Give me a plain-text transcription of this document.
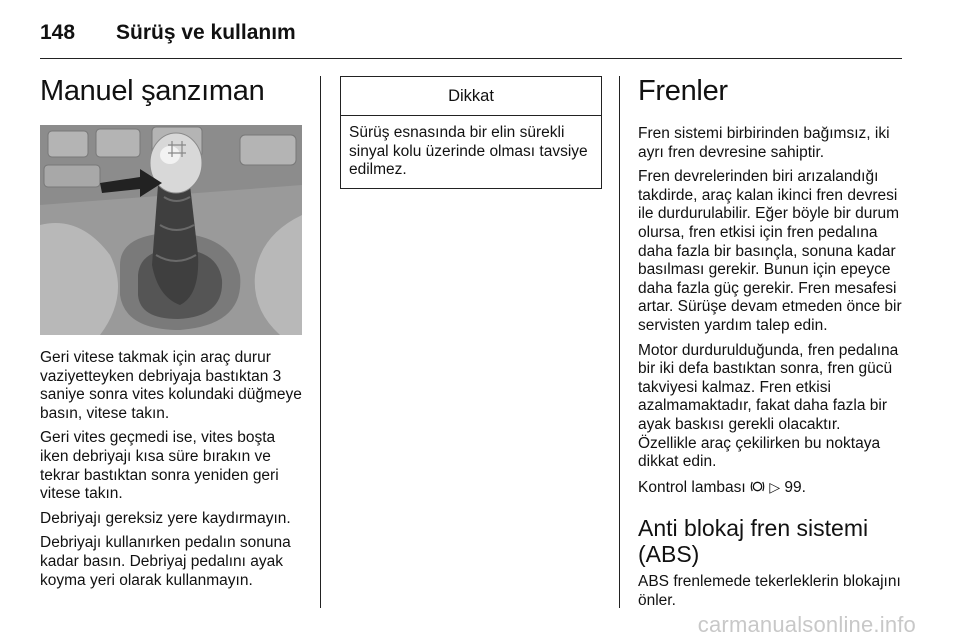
148 Sürüş ve kullanım
Manuel şanzıman

Geri vitese takmak için araç durur vaziyetteyken debriyaja bastıktan 3 saniye sonra vites kolundaki düğmeye basın, vitese takın.

Geri vites geçmedi ise, vites boşta iken debriyajı kısa süre bırakın ve tekrar bastıktan sonra yeniden geri vitese takın.

Debriyajı gereksiz yere kaydırmayın.

Debriyajı kullanırken pedalın sonuna kadar basın. Debriyaj pedalını ayak koyma yeri olarak kullanmayın.

Dikkat
Sürüş esnasında bir elin sürekli sinyal kolu üzerinde olması tavsiye edilmez.
Frenler

Fren sistemi birbirinden bağımsız, iki ayrı fren devresine sahiptir.

Fren devrelerinden biri arızalandığı takdirde, araç kalan ikinci fren devresi ile durdurulabilir. Eğer böyle bir durum olursa, fren etkisi için fren pedalına daha fazla bir basınçla, sonuna kadar basılması gerekir. Bunun için epeyce daha fazla güç gerekir. Fren mesafesi artar. Sürüşe devam etmeden önce bir servisten yardım talep edin.

Motor durdurulduğunda, fren pedalına bir iki defa bastıktan sonra, fren gücü takviyesi kalmaz. Fren etkisi azalmamaktadır, fakat daha fazla bir ayak baskısı gerekli olacaktır. Özellikle araç çekilirken bu noktaya dikkat edin.

Kontrol lambası ▷ 99.

Anti blokaj fren sistemi (ABS)

ABS frenlemede tekerleklerin blokajını önler.

carmanualsonline.info
